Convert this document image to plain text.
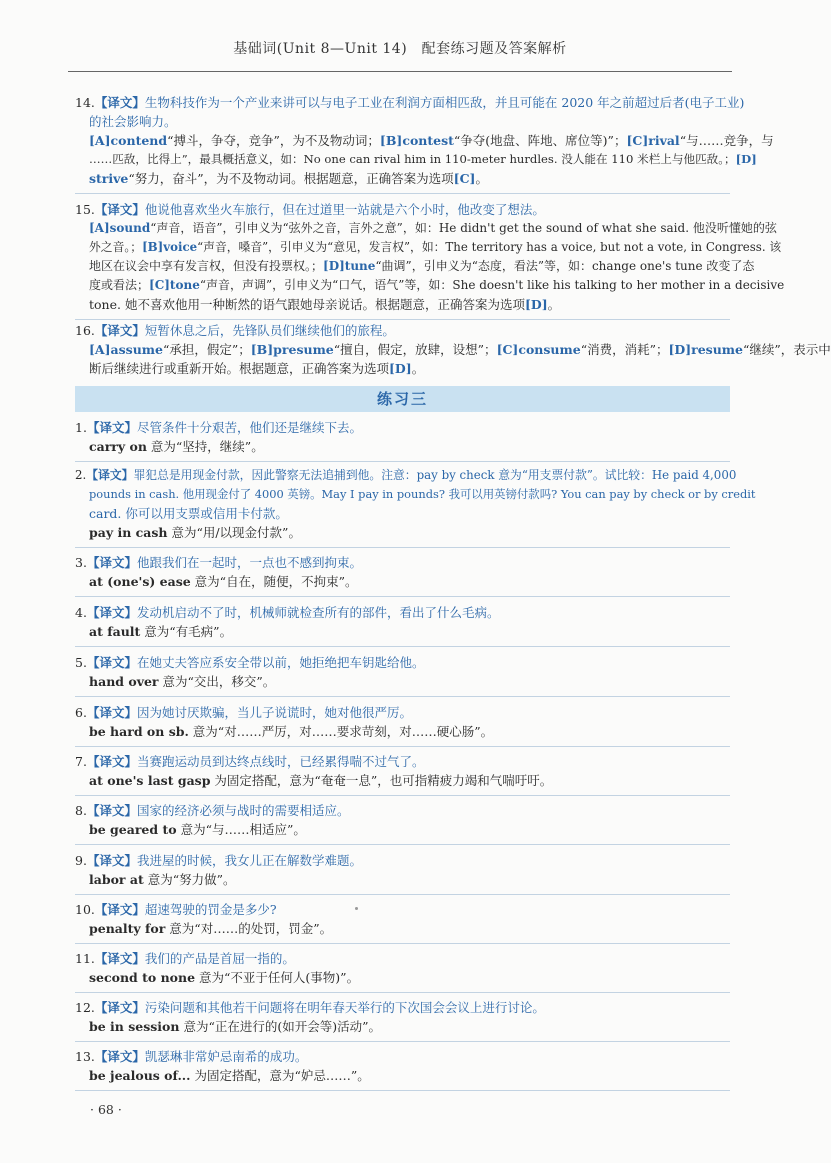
基础词(Unit 8—Unit 14)　配套练习题及答案解析
14.【译文】生物科技作为一个产业来讲可以与电子工业在利润方面相匹敌，并且可能在 2020 年之前超过后者(电子工业)
的社会影响力。
[A]contend“搏斗，争夺，竞争”，为不及物动词；[B]contest“争夺(地盘、阵地、席位等)”；[C]rival“与……竞争，与
……匹敌，比得上”，最具概括意义，如：No one can rival him in 110-meter hurdles. 没人能在 110 米栏上与他匹敌。；[D]
strive“努力，奋斗”，为不及物动词。根据题意，正确答案为选项[C]。
15.【译文】他说他喜欢坐火车旅行，但在过道里一站就是六个小时，他改变了想法。
[A]sound“声音，语音”，引申义为“弦外之音，言外之意”，如：He didn't get the sound of what she said. 他没听懂她的弦
外之音。；[B]voice“声音，嗓音”，引申义为“意见，发言权”，如：The territory has a voice, but not a vote, in Congress. 该
地区在议会中享有发言权，但没有投票权。；[D]tune“曲调”，引申义为“态度，看法”等，如：change one's tune 改变了态
度或看法；[C]tone“声音，声调”，引申义为“口气，语气”等，如：She doesn't like his talking to her mother in a decisive
tone. 她不喜欢他用一种断然的语气跟她母亲说话。根据题意，正确答案为选项[D]。
16.【译文】短暂休息之后，先锋队员们继续他们的旅程。
[A]assume“承担，假定”；[B]presume“擅自，假定，放肆，设想”；[C]consume“消费，消耗”；[D]resume“继续”，表示中
断后继续进行或重新开始。根据题意，正确答案为选项[D]。
练习三
1.【译文】尽管条件十分艰苦，他们还是继续下去。
carry on 意为“坚持，继续”。
2.【译文】罪犯总是用现金付款，因此警察无法追捕到他。注意：pay by check 意为“用支票付款”。试比较：He paid 4,000
pounds in cash. 他用现金付了 4000 英镑。May I pay in pounds? 我可以用英镑付款吗? You can pay by check or by credit
card. 你可以用支票或信用卡付款。
pay in cash 意为“用/以现金付款”。
3.【译文】他跟我们在一起时，一点也不感到拘束。
at (one's) ease 意为“自在，随便，不拘束”。
4.【译文】发动机启动不了时，机械师就检查所有的部件，看出了什么毛病。
at fault 意为“有毛病”。
5.【译文】在她丈夫答应系安全带以前，她拒绝把车钥匙给他。
hand over 意为“交出，移交”。
6.【译文】因为她讨厌欺骗，当儿子说谎时，她对他很严厉。
be hard on sb. 意为“对……严厉，对……要求苛刻，对……硬心肠”。
7.【译文】当赛跑运动员到达终点线时，已经累得喘不过气了。
at one's last gasp 为固定搭配，意为“奄奄一息”，也可指精疲力竭和气喘吁吁。
8.【译文】国家的经济必须与战时的需要相适应。
be geared to 意为“与……相适应”。
9.【译文】我进屋的时候，我女儿正在解数学难题。
labor at 意为“努力做”。
10.【译文】超速驾驶的罚金是多少?
penalty for 意为“对……的处罚，罚金”。
11.【译文】我们的产品是首屈一指的。
second to none 意为“不亚于任何人(事物)”。
12.【译文】污染问题和其他若干问题将在明年春天举行的下次国会会议上进行讨论。
be in session 意为“正在进行的(如开会等)活动”。
13.【译文】凯瑟琳非常妒忌南希的成功。
be jealous of... 为固定搭配，意为“妒忌……”。
· 68 ·
